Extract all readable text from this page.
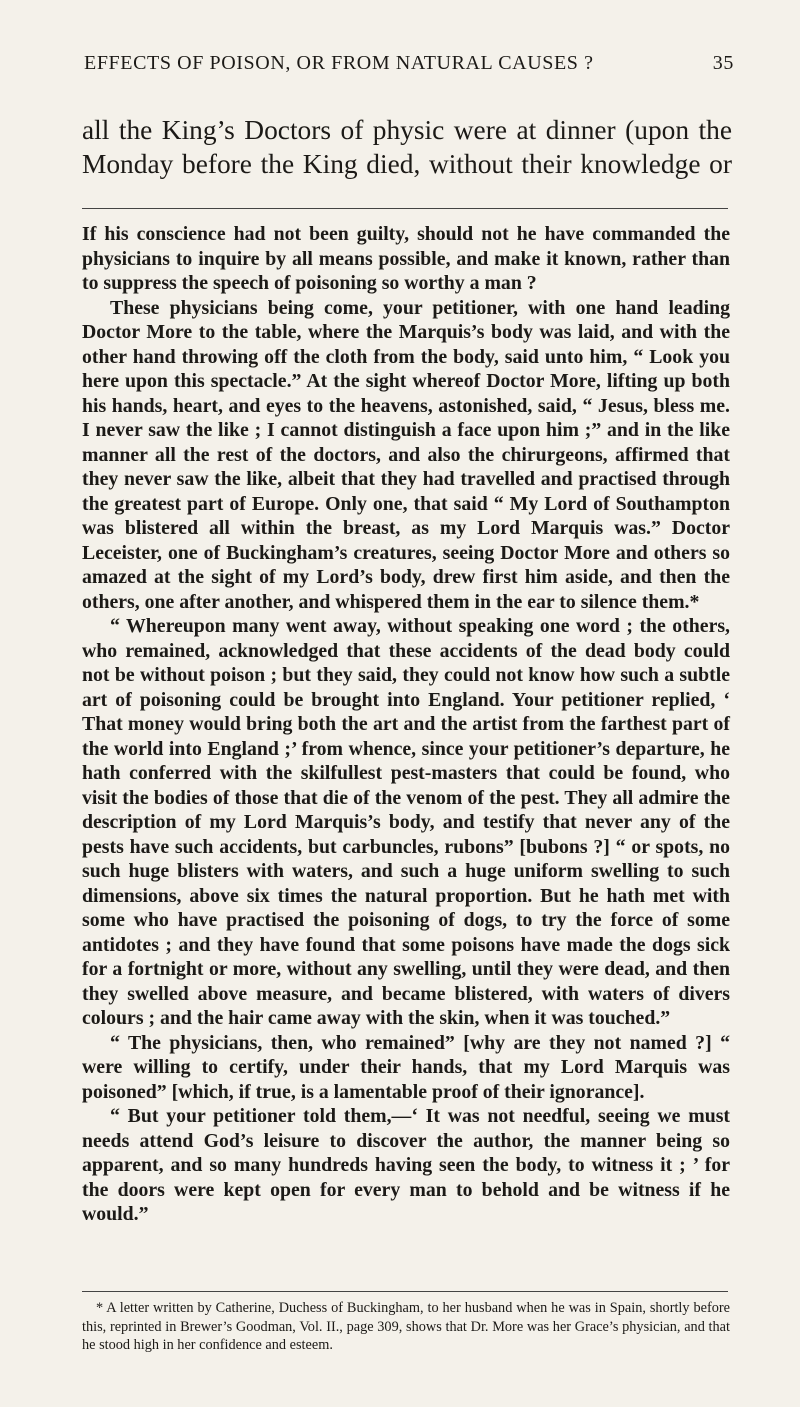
EFFECTS OF POISON, OR FROM NATURAL CAUSES ?	35
all the King’s Doctors of physic were at dinner (upon the Monday before the King died, without their knowledge or

If his conscience had not been guilty, should not he have commanded the physicians to inquire by all means possible, and make it known, rather than to suppress the speech of poisoning so worthy a man ?

These physicians being come, your petitioner, with one hand leading Doctor More to the table, where the Marquis’s body was laid, and with the other hand throwing off the cloth from the body, said unto him, “ Look you here upon this spectacle.” At the sight whereof Doctor More, lifting up both his hands, heart, and eyes to the heavens, astonished, said, “ Jesus, bless me. I never saw the like ; I cannot distinguish a face upon him ;” and in the like manner all the rest of the doctors, and also the chirurgeons, affirmed that they never saw the like, albeit that they had travelled and practised through the greatest part of Europe. Only one, that said “ My Lord of Southampton was blistered all within the breast, as my Lord Marquis was.” Doctor Leceister, one of Buckingham’s creatures, seeing Doctor More and others so amazed at the sight of my Lord’s body, drew first him aside, and then the others, one after another, and whispered them in the ear to silence them.*

“ Whereupon many went away, without speaking one word ; the others, who remained, acknowledged that these accidents of the dead body could not be without poison ; but they said, they could not know how such a subtle art of poisoning could be brought into England. Your petitioner replied, ‘ That money would bring both the art and the artist from the farthest part of the world into England ;’ from whence, since your petitioner’s departure, he hath conferred with the skilfullest pest-masters that could be found, who visit the bodies of those that die of the venom of the pest. They all admire the description of my Lord Marquis’s body, and testify that never any of the pests have such accidents, but carbuncles, rubons” [bubons ?] “ or spots, no such huge blisters with waters, and such a huge uniform swelling to such dimensions, above six times the natural proportion. But he hath met with some who have practised the poisoning of dogs, to try the force of some antidotes ; and they have found that some poisons have made the dogs sick for a fortnight or more, without any swelling, until they were dead, and then they swelled above measure, and became blistered, with waters of divers colours ; and the hair came away with the skin, when it was touched.”

“ The physicians, then, who remained” [why are they not named ?] “ were willing to certify, under their hands, that my Lord Marquis was poisoned” [which, if true, is a lamentable proof of their ignorance].

“ But your petitioner told them,—‘ It was not needful, seeing we must needs attend God’s leisure to discover the author, the manner being so apparent, and so many hundreds having seen the body, to witness it ; ’ for the doors were kept open for every man to behold and be witness if he would.”

* A letter written by Catherine, Duchess of Buckingham, to her husband when he was in Spain, shortly before this, reprinted in Brewer’s Goodman, Vol. II., page 309, shows that Dr. More was her Grace’s physician, and that he stood high in her confidence and esteem.
